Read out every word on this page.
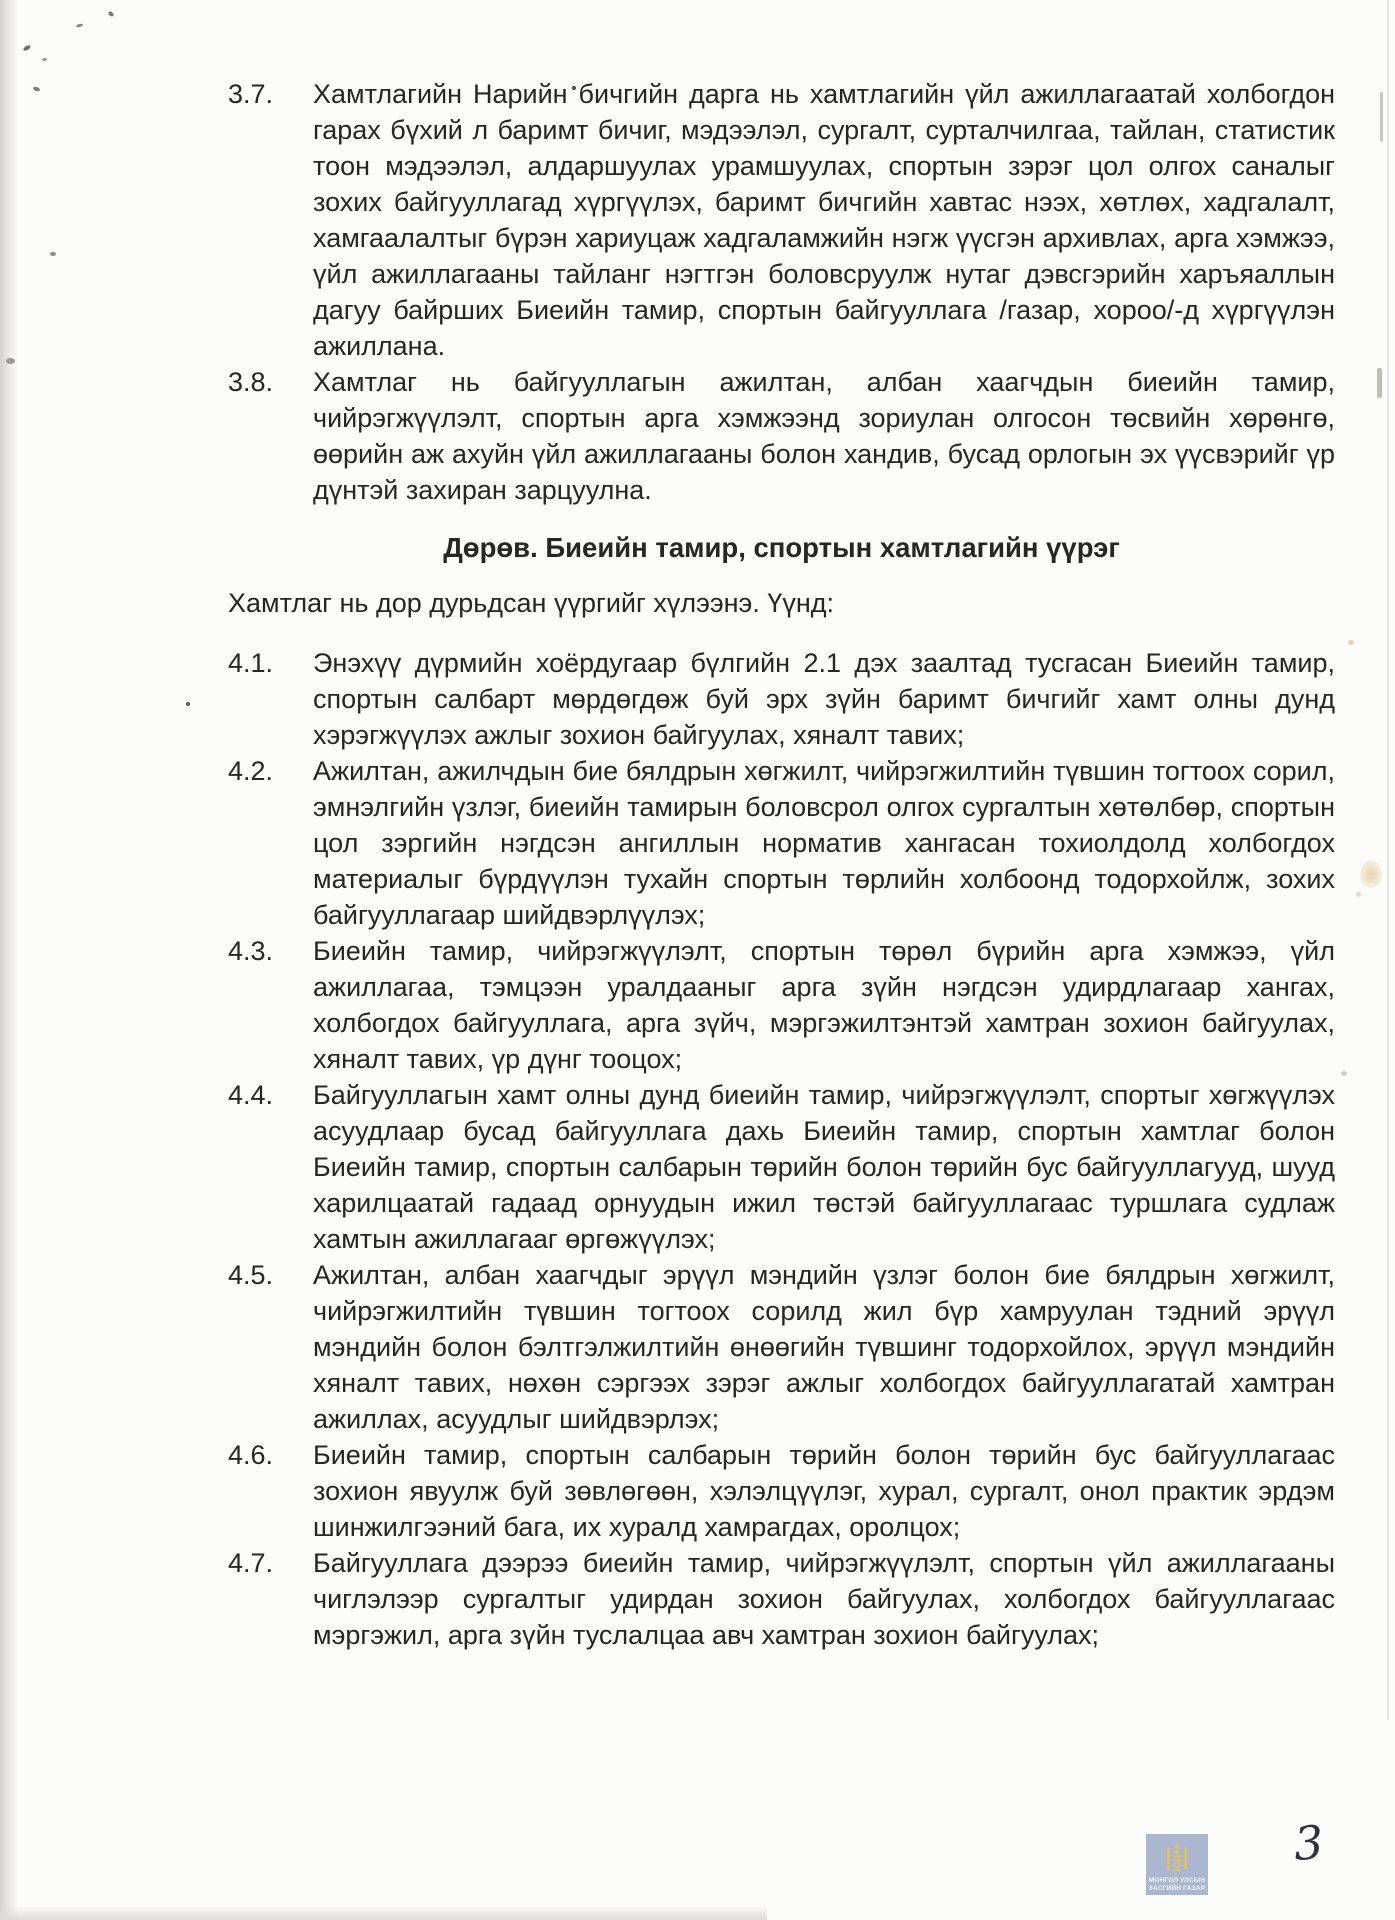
3.7.	Хамтлагийн Нарийн бичгийн дарга нь хамтлагийн үйл ажиллагаатай холбогдон гарах бүхий л баримт бичиг, мэдээлэл, сургалт, сурталчилгаа, тайлан, статистик тоон мэдээлэл, алдаршуулах урамшуулах, спортын зэрэг цол олгох саналыг зохих байгууллагад хүргүүлэх, баримт бичгийн хавтас нээх, хөтлөх, хадгалалт, хамгаалалтыг бүрэн хариуцаж хадгаламжийн нэгж үүсгэн архивлах, арга хэмжээ, үйл ажиллагааны тайланг нэгтгэн боловсруулж нутаг дэвсгэрийн харъяаллын дагуу байрших Биеийн тамир, спортын байгууллага /газар, хороо/-д хүргүүлэн ажиллана.
3.8.	Хамтлаг нь байгууллагын ажилтан, албан хаагчдын биеийн тамир, чийрэгжүүлэлт, спортын арга хэмжээнд зориулан олгосон төсвийн хөрөнгө, өөрийн аж ахуйн үйл ажиллагааны болон хандив, бусад орлогын эх үүсвэрийг үр дүнтэй захиран зарцуулна.
Дөрөв. Биеийн тамир, спортын хамтлагийн үүрэг
Хамтлаг нь дор дурьдсан үүргийг хүлээнэ. Үүнд:
4.1.	Энэхүү дүрмийн хоёрдугаар бүлгийн 2.1 дэх заалтад тусгасан Биеийн тамир, спортын салбарт мөрдөгдөж буй эрх зүйн баримт бичгийг хамт олны дунд хэрэгжүүлэх ажлыг зохион байгуулах, хяналт тавих;
4.2.	Ажилтан, ажилчдын бие бялдрын хөгжилт, чийрэгжилтийн түвшин тогтоох сорил, эмнэлгийн үзлэг, биеийн тамирын боловсрол олгох сургалтын хөтөлбөр, спортын цол зэргийн нэгдсэн ангиллын норматив хангасан тохиолдолд холбогдох материалыг бүрдүүлэн тухайн спортын төрлийн холбоонд тодорхойлж, зохих байгууллагаар шийдвэрлүүлэх;
4.3.	Биеийн тамир, чийрэгжүүлэлт, спортын төрөл бүрийн арга хэмжээ, үйл ажиллагаа, тэмцээн уралдааныг арга зүйн нэгдсэн удирдлагаар хангах, холбогдох байгууллага, арга зүйч, мэргэжилтэнтэй хамтран зохион байгуулах, хяналт тавих, үр дүнг тооцох;
4.4.	Байгууллагын хамт олны дунд биеийн тамир, чийрэгжүүлэлт, спортыг хөгжүүлэх асуудлаар бусад байгууллага дахь Биеийн тамир, спортын хамтлаг болон Биеийн тамир, спортын салбарын төрийн болон төрийн бус байгууллагууд, шууд харилцаатай гадаад орнуудын ижил төстэй байгууллагаас туршлага судлаж хамтын ажиллагааг өргөжүүлэх;
4.5.	Ажилтан, албан хаагчдыг эрүүл мэндийн үзлэг болон бие бялдрын хөгжилт, чийрэгжилтийн түвшин тогтоох сорилд жил бүр хамруулан тэдний эрүүл мэндийн болон бэлтгэлжилтийн өнөөгийн түвшинг тодорхойлох, эрүүл мэндийн хяналт тавих, нөхөн сэргээх зэрэг ажлыг холбогдох байгууллагатай хамтран ажиллах, асуудлыг шийдвэрлэх;
4.6.	Биеийн тамир, спортын салбарын төрийн болон төрийн бус байгууллагаас зохион явуулж буй зөвлөгөөн, хэлэлцүүлэг, хурал, сургалт, онол практик эрдэм шинжилгээний бага, их хуралд хамрагдах, оролцох;
4.7.	Байгууллага дээрээ биеийн тамир, чийрэгжүүлэлт, спортын үйл ажиллагааны чиглэлээр сургалтыг удирдан зохион байгуулах, холбогдох байгууллагаас мэргэжил, арга зүйн туслалцаа авч хамтран зохион байгуулах;
МОНГОЛ УЛСЫН
ЗАСГИЙН ГАЗАР
3
